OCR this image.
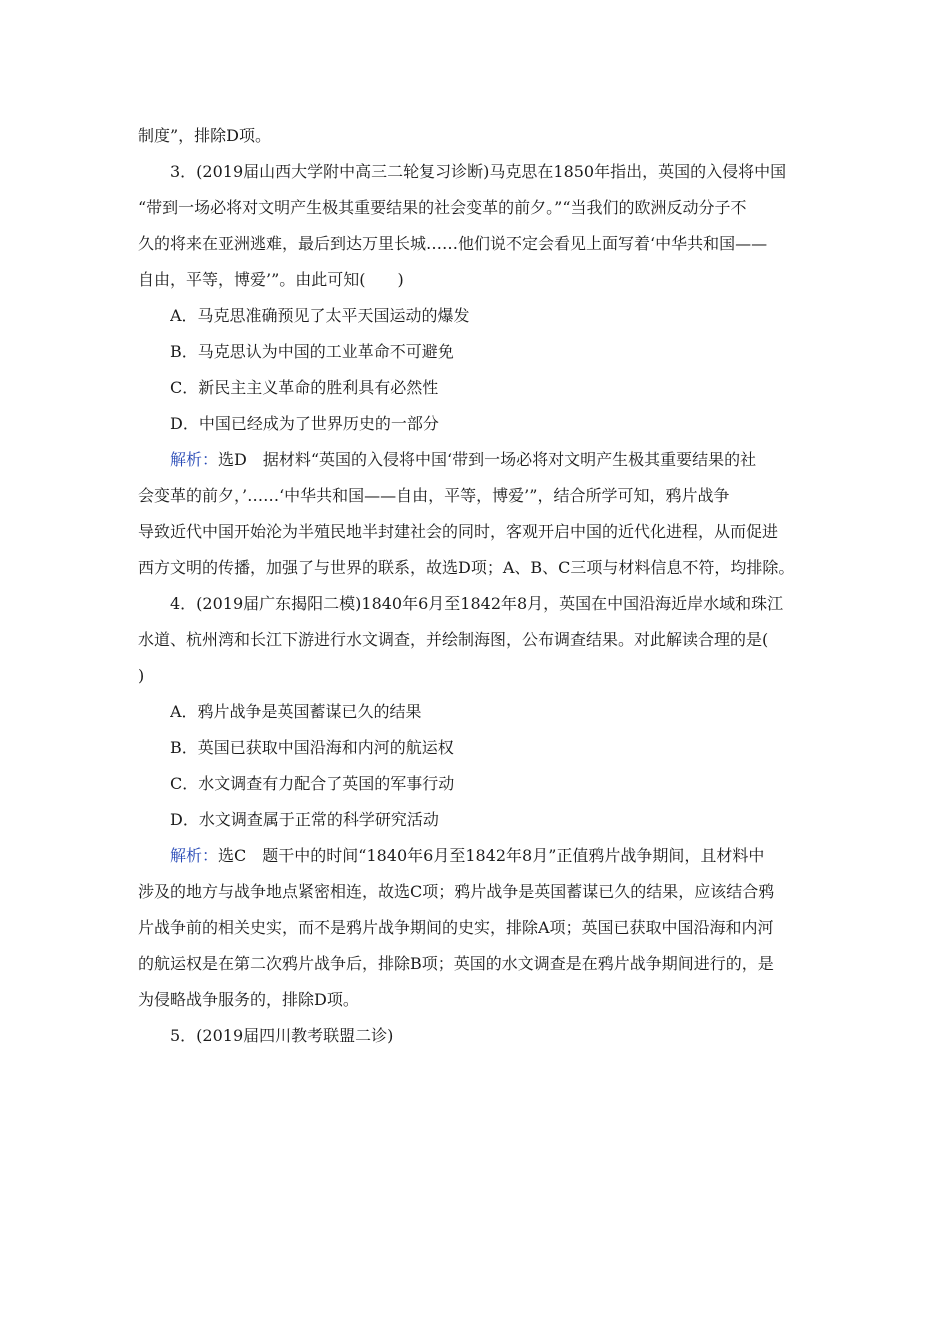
制度”，排除D项。
3．(2019届山西大学附中高三二轮复习诊断)马克思在1850年指出，英国的入侵将中国
“带到一场必将对文明产生极其重要结果的社会变革的前夕。”“当我们的欧洲反动分子不
久的将来在亚洲逃难，最后到达万里长城……他们说不定会看见上面写着‘中华共和国——
自由，平等，博爱’”。由此可知(　　)
A．马克思准确预见了太平天国运动的爆发
B．马克思认为中国的工业革命不可避免
C．新民主主义革命的胜利具有必然性
D．中国已经成为了世界历史的一部分
解析：选D　据材料“英国的入侵将中国‘带到一场必将对文明产生极其重要结果的社
会变革的前夕，’……‘中华共和国——自由，平等，博爱’”，结合所学可知，鸦片战争
导致近代中国开始沦为半殖民地半封建社会的同时，客观开启中国的近代化进程，从而促进
西方文明的传播，加强了与世界的联系，故选D项；A、B、C三项与材料信息不符，均排除。
4．(2019届广东揭阳二模)1840年6月至1842年8月，英国在中国沿海近岸水域和珠江
水道、杭州湾和长江下游进行水文调查，并绘制海图，公布调查结果。对此解读合理的是(
)
A．鸦片战争是英国蓄谋已久的结果
B．英国已获取中国沿海和内河的航运权
C．水文调查有力配合了英国的军事行动
D．水文调查属于正常的科学研究活动
解析：选C　题干中的时间“1840年6月至1842年8月”正值鸦片战争期间，且材料中
涉及的地方与战争地点紧密相连，故选C项；鸦片战争是英国蓄谋已久的结果，应该结合鸦
片战争前的相关史实，而不是鸦片战争期间的史实，排除A项；英国已获取中国沿海和内河
的航运权是在第二次鸦片战争后，排除B项；英国的水文调查是在鸦片战争期间进行的，是
为侵略战争服务的，排除D项。
5．(2019届四川教考联盟二诊)
